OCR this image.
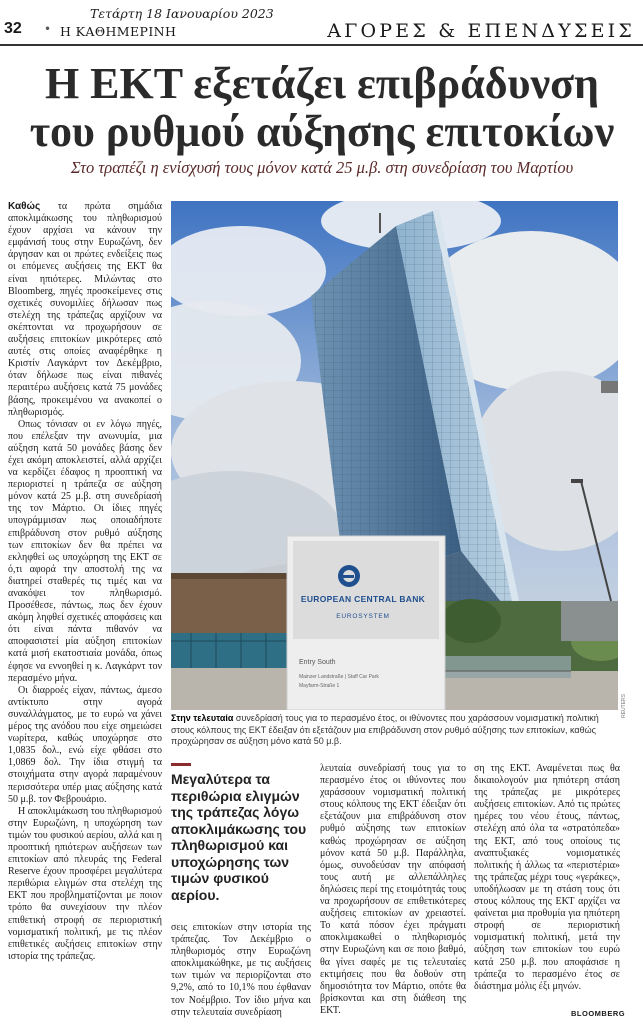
Τετάρτη 18 Ιανουαρίου 2023
32 • Η ΚΑΘΗΜΕΡΙΝΗ	ΑΓΟΡΕΣ & ΕΠΕΝΔΥΣΕΙΣ
Η ΕΚΤ εξετάζει επιβράδυνση
του ρυθμού αύξησης επιτοκίων
Στο τραπέζι η ενίσχυσή τους μόνον κατά 25 μ.β. στη συνεδρίαση του Μαρτίου

Καθώς τα πρώτα σημάδια αποκλιμάκωσης του πληθωρισμού έχουν αρχίσει να κάνουν την εμφάνισή τους στην Ευρωζώνη, δεν άργησαν και οι πρώτες ενδείξεις πως οι επόμενες αυξήσεις της ΕΚΤ θα είναι ηπιότερες. Μιλώντας στο Bloomberg, πηγές προσκείμενες στις σχετικές συνομιλίες δήλωσαν πως στελέχη της τράπεζας αρχίζουν να σκέπτονται να προχωρήσουν σε αυξήσεις επιτοκίων μικρότερες από αυτές στις οποίες αναφέρθηκε η Κριστίν Λαγκάρντ τον Δεκέμβριο, όταν δήλωσε πως είναι πιθανές περαιτέρω αυξήσεις κατά 75 μονάδες βάσης, προκειμένου να ανακοπεί ο πληθωρισμός.

Οπως τόνισαν οι εν λόγω πηγές, που επέλεξαν την ανωνυμία, μια αύξηση κατά 50 μονάδες βάσης δεν έχει ακόμη αποκλειστεί, αλλά αρχίζει να κερδίζει έδαφος η προοπτική να περιοριστεί η τράπεζα σε αύξηση μόνον κατά 25 μ.β. στη συνεδρίασή της τον Μάρτιο. Οι ίδιες πηγές υπογράμμισαν πως οποιαδήποτε επιβράδυνση στον ρυθμό αύξησης των επιτοκίων δεν θα πρέπει να εκληφθεί ως υποχώρηση της ΕΚΤ σε ό,τι αφορά την αποστολή της να διατηρεί σταθερές τις τιμές και να ανακόψει τον πληθωρισμό. Προσέθεσε, πάντως, πως δεν έχουν ακόμη ληφθεί σχετικές αποφάσεις και ότι είναι πάντα πιθανόν να αποφασιστεί μία αύξηση επιτοκίων κατά μισή εκατοστιαία μονάδα, όπως έφησε να εννοηθεί η κ. Λαγκάρντ τον περασμένο μήνα.

Οι διαρροές είχαν, πάντως, άμεσο αντίκτυπο στην αγορά συναλλάγματος, με το ευρώ να χάνει μέρος της ανόδου που είχε σημειώσει νωρίτερα, καθώς υποχώρησε στο 1,0835 δολ., ενώ είχε φθάσει στο 1,0869 δολ. Την ίδια στιγμή τα στοιχήματα στην αγορά παραμένουν περισσότερα υπέρ μιας αύξησης κατά 50 μ.β. τον Φεβρουάριο.

Η αποκλιμάκωση του πληθωρισμού στην Ευρωζώνη, η υποχώρηση των τιμών του φυσικού αερίου, αλλά και η προοπτική ηπιότερων αυξήσεων των επιτοκίων από πλευράς της Federal Reserve έχουν προσφέρει μεγαλύτερα περιθώρια ελιγμών στα στελέχη της ΕΚΤ που προβληματίζονται με ποιον τρόπο θα συνεχίσουν την πλέον επιθετική στροφή σε περιοριστική νομισματική πολιτική, με τις πλέον επιθετικές αυξήσεις επιτοκίων στην ιστορία της τράπεζας.

EUROPEAN CENTRAL BANK
EUROSYSTEM
Entry South
Mainzer Landstraße | Staff Car Park
Mayfarm-Straße 1
REUTERS
Στην τελευταία συνεδρίασή τους για το περασμένο έτος, οι ιθύνοντες που χαράσσουν νομισματική πολιτική στους κόλπους της ΕΚΤ έδειξαν ότι εξετάζουν μια επιβράδυνση στον ρυθμό αύξησης των επιτοκίων, καθώς προχώρησαν σε αύξηση μόνο κατά 50 μ.β.
Μεγαλύτερα τα περιθώρια ελιγμών της τράπεζας λόγω αποκλιμάκωσης του πληθωρισμού και υποχώρησης των τιμών φυσικού αερίου.

σεις επιτοκίων στην ιστορία της τράπεζας. Τον Δεκέμβριο ο πληθωρισμός στην Ευρωζώνη αποκλιμακώθηκε, με τις αυξήσεις των τιμών να περιορίζονται στο 9,2%, από το 10,1% που έφθαναν τον Νοέμβριο. Τον ίδιο μήνα και στην τελευταία συνεδρίαση

λευταία συνεδρίασή τους για το περασμένο έτος οι ιθύνοντες που χαράσσουν νομισματική πολιτική στους κόλπους της ΕΚΤ έδειξαν ότι εξετάζουν μια επιβράδυνση στον ρυθμό αύξησης των επιτοκίων καθώς προχώρησαν σε αύξηση μόνον κατά 50 μ.β. Παράλληλα, όμως, συνοδεύσαν την απόφασή τους αυτή με αλλεπάλληλες δηλώσεις περί της ετοιμότητάς τους να προχωρήσουν σε επιθετικότερες αυξήσεις επιτοκίων αν χρειαστεί. Το κατά πόσον έχει πράγματι αποκλιμακωθεί ο πληθωρισμός στην Ευρωζώνη και σε ποιο βαθμό, θα γίνει σαφές με τις τελευταίες εκτιμήσεις που θα δοθούν στη δημοσιότητα τον Μάρτιο, οπότε θα βρίσκονται και στη διάθεση της ΕΚΤ.

ση της ΕΚΤ. Αναμένεται πως θα δικαιολογούν μια ηπιότερη στάση της τράπεζας με μικρότερες αυξήσεις επιτοκίων. Από τις πρώτες ημέρες του νέου έτους, πάντως, στελέχη από όλα τα «στρατόπεδα» της ΕΚΤ, από τους οποίους τις αναπτυξιακές νομισματικές πολιτικής ή άλλως τα «περιστέρια» της τράπεζας μέχρι τους «γεράκες», υποδήλωσαν με τη στάση τους ότι στους κόλπους της ΕΚΤ αρχίζει να φαίνεται μια προθυμία για ηπιότερη στροφή σε περιοριστική νομισματική πολιτική, μετά την αύξηση των επιτοκίων του ευρώ κατά 250 μ.β. που αποφάσισε η τράπεζα το περασμένο έτος σε διάστημα μόλις έξι μηνών.

BLOOMBERG
